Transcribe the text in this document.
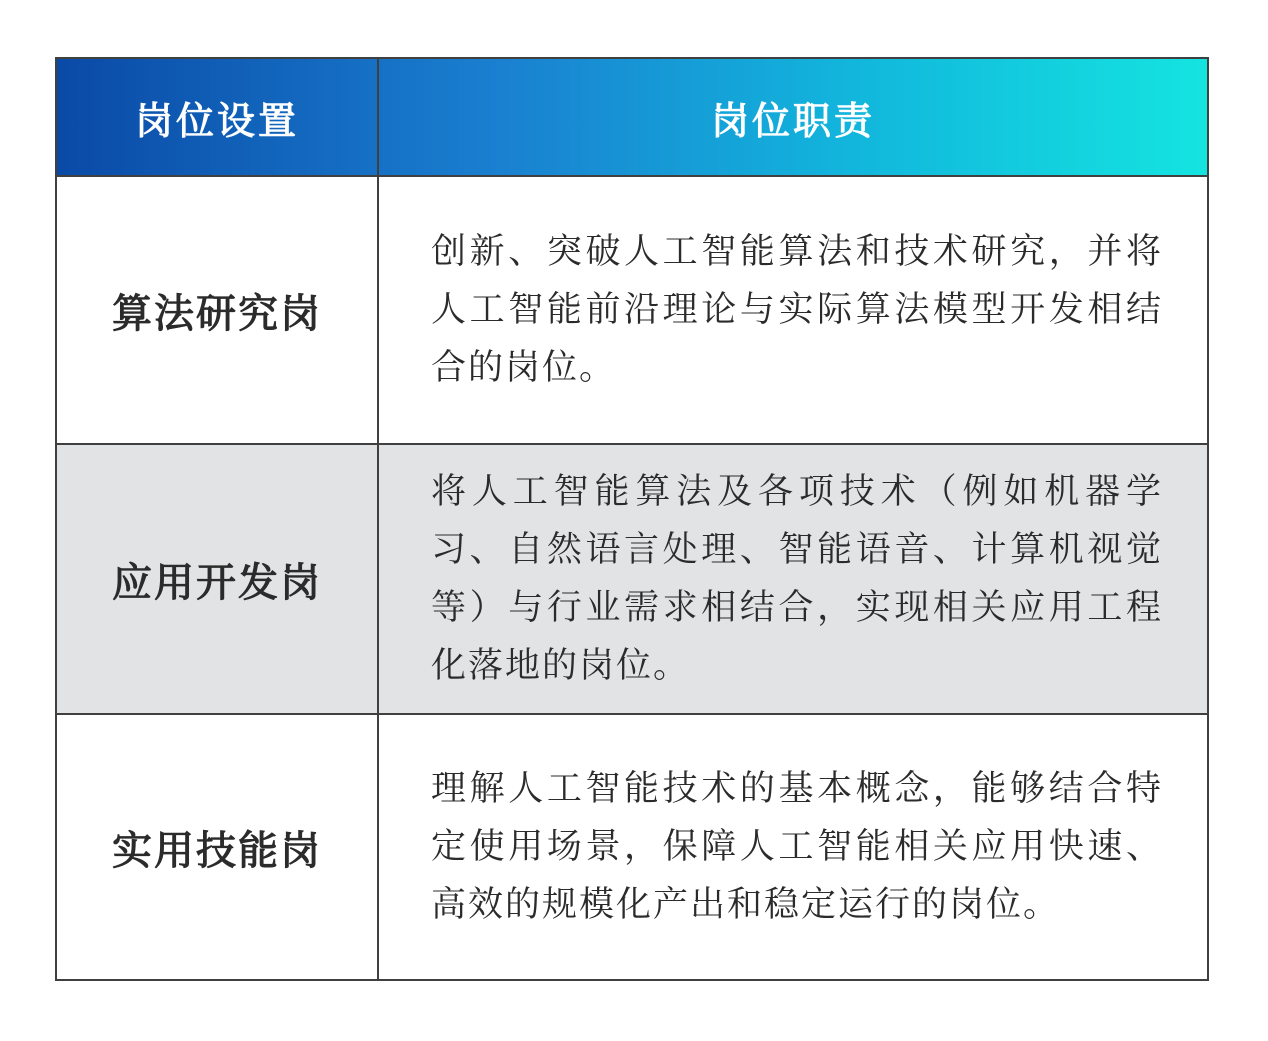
岗位设置	岗位职责
算法研究岗
创新、突破人工智能算法和技术研究，并将人工智能前沿理论与实际算法模型开发相结合的岗位。
应用开发岗
将人工智能算法及各项技术（例如机器学习、自然语言处理、智能语音、计算机视觉等）与行业需求相结合，实现相关应用工程化落地的岗位。
实用技能岗
理解人工智能技术的基本概念，能够结合特定使用场景，保障人工智能相关应用快速、高效的规模化产出和稳定运行的岗位。
